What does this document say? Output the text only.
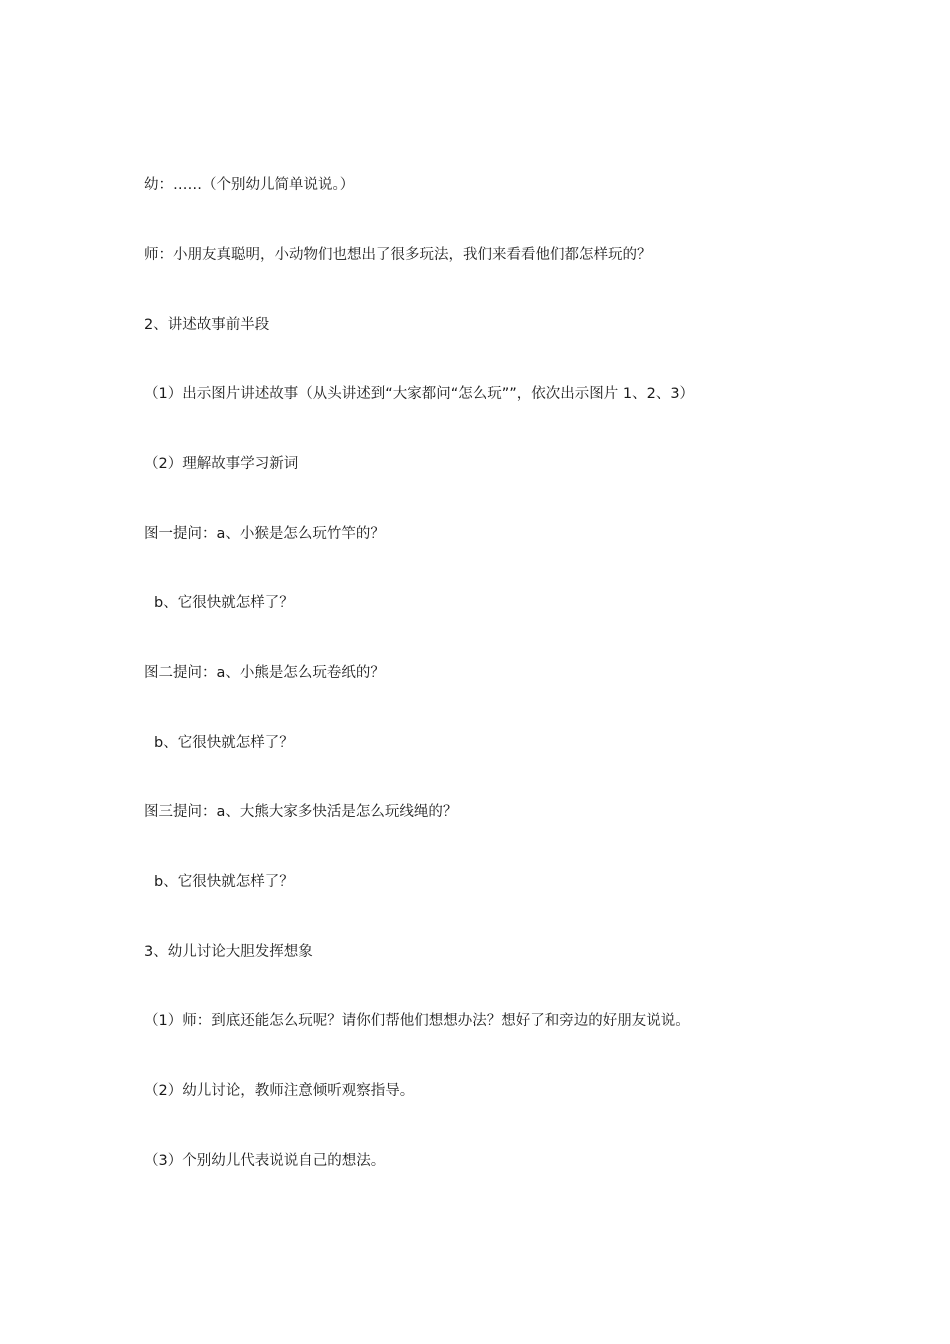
幼：……（个别幼儿简单说说。）

师：小朋友真聪明，小动物们也想出了很多玩法，我们来看看他们都怎样玩的？

2、讲述故事前半段

（1）出示图片讲述故事（从头讲述到“大家都问“怎么玩””，依次出示图片 1、2、3）

（2）理解故事学习新词

图一提问：a、小猴是怎么玩竹竿的？

b、它很快就怎样了？

图二提问：a、小熊是怎么玩卷纸的？

b、它很快就怎样了？

图三提问：a、大熊大家多快活是怎么玩线绳的？

b、它很快就怎样了？

3、幼儿讨论大胆发挥想象

（1）师：到底还能怎么玩呢？请你们帮他们想想办法？想好了和旁边的好朋友说说。

（2）幼儿讨论，教师注意倾听观察指导。

（3）个别幼儿代表说说自己的想法。
